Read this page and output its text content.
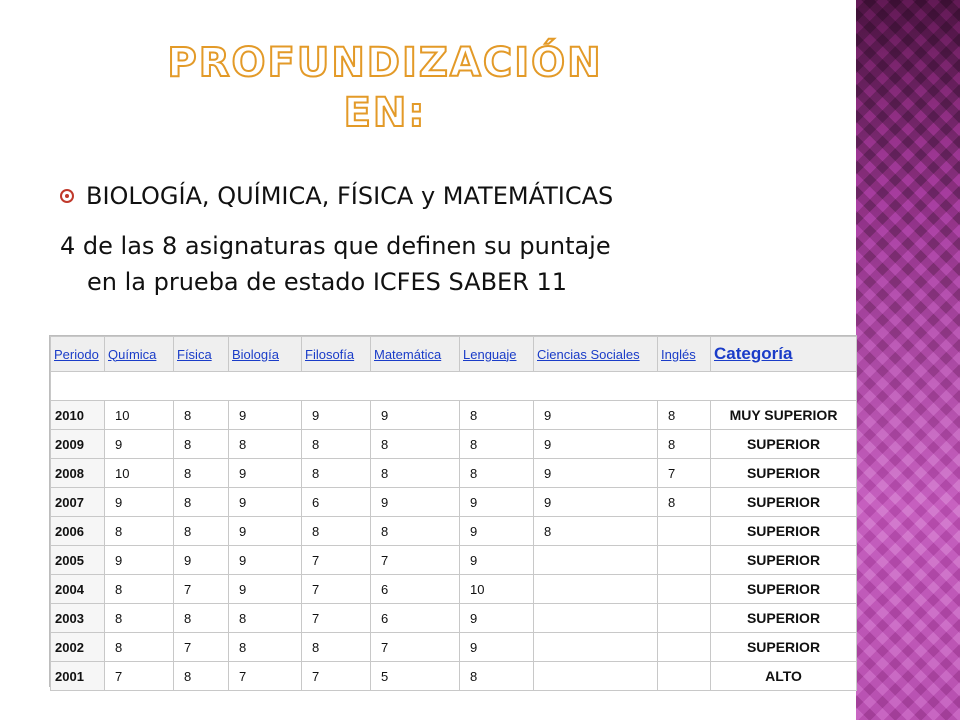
PROFUNDIZACIÓN EN:
BIOLOGÍA, QUÍMICA, FÍSICA y MATEMÁTICAS
4 de las 8 asignaturas que definen su puntaje
en la prueba de estado ICFES SABER 11
Periodo	Química	Física	Biología	Filosofía	Matemática	Lenguaje	Ciencias Sociales	Inglés	Categoría

2010	10	8	9	9	9	8	9	8	MUY SUPERIOR
2009	9	8	8	8	8	8	9	8	SUPERIOR
2008	10	8	9	8	8	8	9	7	SUPERIOR
2007	9	8	9	6	9	9	9	8	SUPERIOR
2006	8	8	9	8	8	9	8		SUPERIOR
2005	9	9	9	7	7	9			SUPERIOR
2004	8	7	9	7	6	10			SUPERIOR
2003	8	8	8	7	6	9			SUPERIOR
2002	8	7	8	8	7	9			SUPERIOR
2001	7	8	7	7	5	8			ALTO
